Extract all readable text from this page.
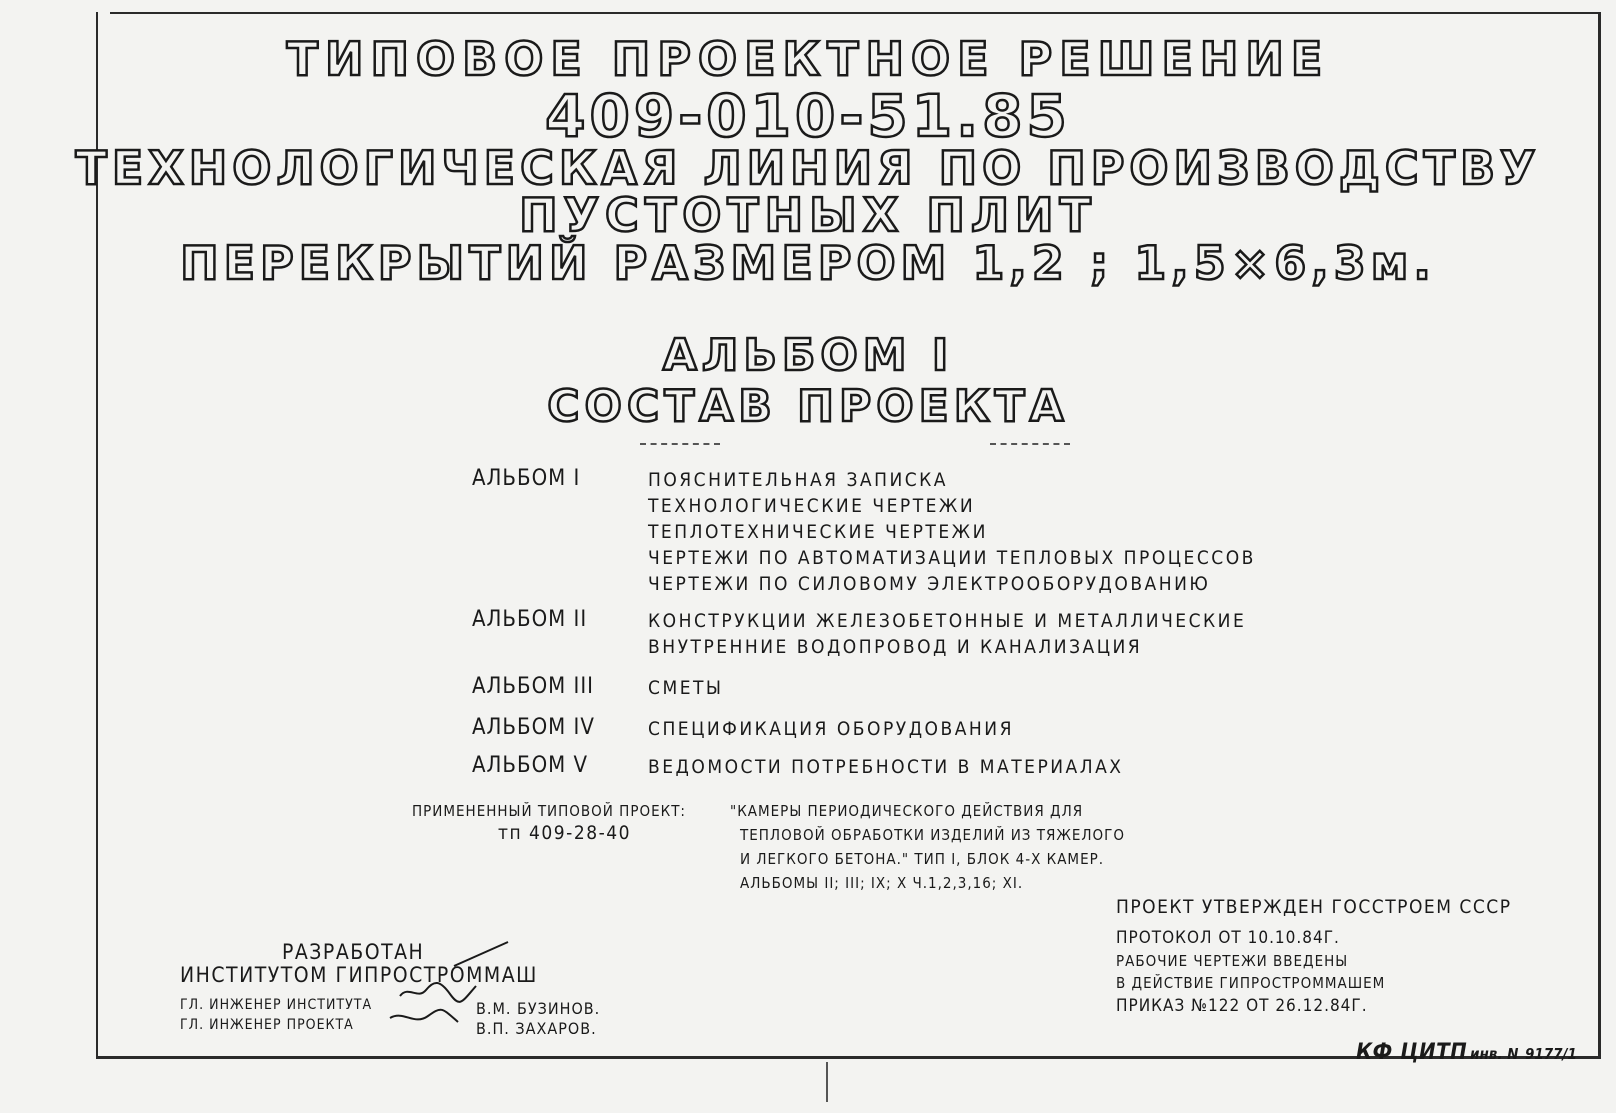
ТИПОВОЕ ПРОЕКТНОЕ РЕШЕНИЕ

409-010-51.85

ТЕХНОЛОГИЧЕСКАЯ ЛИНИЯ ПО ПРОИЗВОДСТВУ

ПУСТОТНЫХ ПЛИТ

ПЕРЕКРЫТИЙ РАЗМЕРОМ 1,2 ; 1,5×6,3м.

АЛЬБОМ I

СОСТАВ ПРОЕКТА

АЛЬБОМ I	ПОЯСНИТЕЛЬНАЯ ЗАПИСКА
ТЕХНОЛОГИЧЕСКИЕ ЧЕРТЕЖИ
ТЕПЛОТЕХНИЧЕСКИЕ ЧЕРТЕЖИ
ЧЕРТЕЖИ ПО АВТОМАТИЗАЦИИ ТЕПЛОВЫХ ПРОЦЕССОВ
ЧЕРТЕЖИ ПО СИЛОВОМУ ЭЛЕКТРООБОРУДОВАНИЮ
АЛЬБОМ II	КОНСТРУКЦИИ ЖЕЛЕЗОБЕТОННЫЕ И МЕТАЛЛИЧЕСКИЕ
ВНУТРЕННИЕ ВОДОПРОВОД И КАНАЛИЗАЦИЯ
АЛЬБОМ III	СМЕТЫ
АЛЬБОМ IV	СПЕЦИФИКАЦИЯ ОБОРУДОВАНИЯ
АЛЬБОМ V	ВЕДОМОСТИ ПОТРЕБНОСТИ В МАТЕРИАЛАХ
ПРИМЕНЕННЫЙ ТИПОВОЙ ПРОЕКТ:
тп 409-28-40
"КАМЕРЫ ПЕРИОДИЧЕСКОГО ДЕЙСТВИЯ ДЛЯ
ТЕПЛОВОЙ ОБРАБОТКИ ИЗДЕЛИЙ ИЗ ТЯЖЕЛОГО
И ЛЕГКОГО БЕТОНА." ТИП I, БЛОК 4-Х КАМЕР.
АЛЬБОМЫ II; III; IX; X Ч.1,2,3,16; XI.
ПРОЕКТ УТВЕРЖДЕН ГОССТРОЕМ СССР
ПРОТОКОЛ ОТ 10.10.84Г.
РАБОЧИЕ ЧЕРТЕЖИ ВВЕДЕНЫ
В ДЕЙСТВИЕ ГИПРОСТРОММАШЕМ
ПРИКАЗ №122 ОТ 26.12.84Г.
РАЗРАБОТАН
ИНСТИТУТОМ ГИПРОСТРОММАШ
ГЛ. ИНЖЕНЕР ИНСТИТУТА	В.М. БУЗИНОВ.
ГЛ. ИНЖЕНЕР ПРОЕКТА	В.П. ЗАХАРОВ.
КФ ЦИТП инв. N 9177/1
